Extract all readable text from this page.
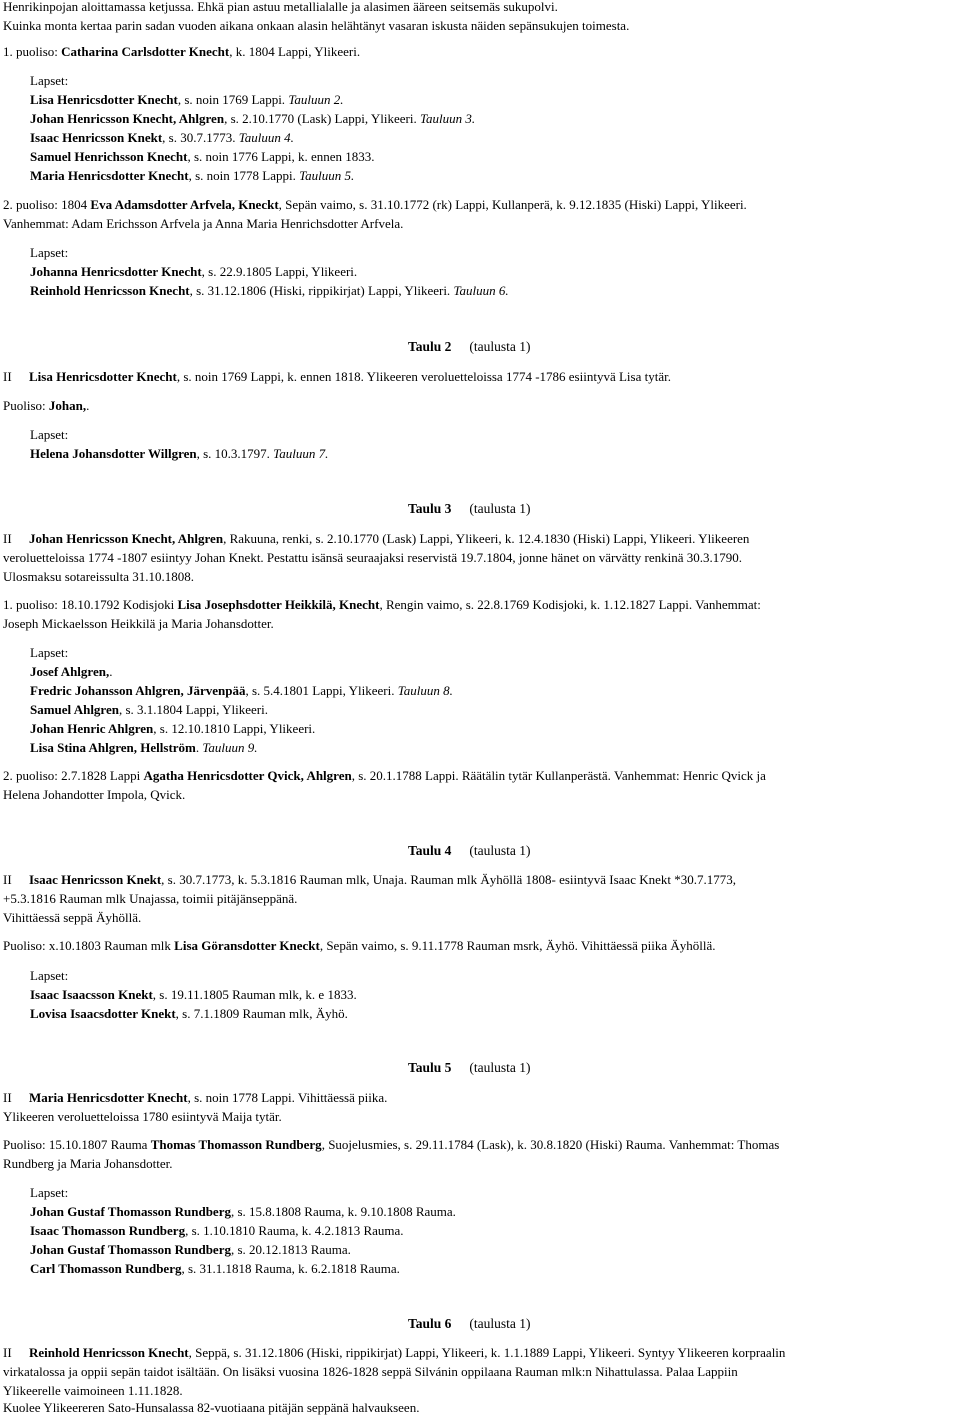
Henrikinpojan aloittamassa ketjussa. Ehkä pian astuu metallialalle ja alasimen ääreen seitsemäs sukupolvi.
Kuinka monta kertaa parin sadan vuoden aikana onkaan alasin helähtänyt vasaran iskusta näiden sepänsukujen toimesta.
1. puoliso: Catharina Carlsdotter Knecht, k. 1804 Lappi, Ylikeeri.
Lapset:
Lisa Henricsdotter Knecht, s. noin 1769 Lappi. Tauluun 2.
Johan Henricsson Knecht, Ahlgren, s. 2.10.1770 (Lask) Lappi, Ylikeeri. Tauluun 3.
Isaac Henricsson Knekt, s. 30.7.1773. Tauluun 4.
Samuel Henrichsson Knecht, s. noin 1776 Lappi, k. ennen 1833.
Maria Henricsdotter Knecht, s. noin 1778 Lappi. Tauluun 5.
2. puoliso: 1804 Eva Adamsdotter Arfvela, Kneckt, Sepän vaimo, s. 31.10.1772 (rk) Lappi, Kullanperä, k. 9.12.1835 (Hiski) Lappi, Ylikeeri.
Vanhemmat: Adam Erichsson Arfvela ja Anna Maria Henrichsdotter Arfvela.
Lapset:
Johanna Henricsdotter Knecht, s. 22.9.1805 Lappi, Ylikeeri.
Reinhold Henricsson Knecht, s. 31.12.1806 (Hiski, rippikirjat) Lappi, Ylikeeri. Tauluun 6.
Taulu 2 (taulusta 1)
II Lisa Henricsdotter Knecht, s. noin 1769 Lappi, k. ennen 1818. Ylikeeren veroluetteloissa 1774 -1786 esiintyvä Lisa tytär.
Puoliso: Johan,.
Lapset:
Helena Johansdotter Willgren, s. 10.3.1797. Tauluun 7.
Taulu 3 (taulusta 1)
II Johan Henricsson Knecht, Ahlgren, Rakuuna, renki, s. 2.10.1770 (Lask) Lappi, Ylikeeri, k. 12.4.1830 (Hiski) Lappi, Ylikeeri. Ylikeeren
veroluetteloissa 1774 -1807 esiintyy Johan Knekt. Pestattu isänsä seuraajaksi reservistä 19.7.1804, jonne hänet on värvätty renkinä 30.3.1790.
Ulosmaksu sotareissulta 31.10.1808.
1. puoliso: 18.10.1792 Kodisjoki Lisa Josephsdotter Heikkilä, Knecht, Rengin vaimo, s. 22.8.1769 Kodisjoki, k. 1.12.1827 Lappi. Vanhemmat:
Joseph Mickaelsson Heikkilä ja Maria Johansdotter.
Lapset:
Josef Ahlgren,.
Fredric Johansson Ahlgren, Järvenpää, s. 5.4.1801 Lappi, Ylikeeri. Tauluun 8.
Samuel Ahlgren, s. 3.1.1804 Lappi, Ylikeeri.
Johan Henric Ahlgren, s. 12.10.1810 Lappi, Ylikeeri.
Lisa Stina Ahlgren, Hellström. Tauluun 9.
2. puoliso: 2.7.1828 Lappi Agatha Henricsdotter Qvick, Ahlgren, s. 20.1.1788 Lappi. Räätälin tytär Kullanperästä. Vanhemmat: Henric Qvick ja
Helena Johandotter Impola, Qvick.
Taulu 4 (taulusta 1)
II Isaac Henricsson Knekt, s. 30.7.1773, k. 5.3.1816 Rauman mlk, Unaja. Rauman mlk Äyhöllä 1808- esiintyvä Isaac Knekt *30.7.1773,
+5.3.1816 Rauman mlk Unajassa, toimii pitäjänseppänä.
Vihittäessä seppä Äyhöllä.
Puoliso: x.10.1803 Rauman mlk Lisa Göransdotter Kneckt, Sepän vaimo, s. 9.11.1778 Rauman msrk, Äyhö. Vihittäessä piika Äyhöllä.
Lapset:
Isaac Isaacsson Knekt, s. 19.11.1805 Rauman mlk, k. e 1833.
Lovisa Isaacsdotter Knekt, s. 7.1.1809 Rauman mlk, Äyhö.
Taulu 5 (taulusta 1)
II Maria Henricsdotter Knecht, s. noin 1778 Lappi. Vihittäessä piika.
Ylikeeren veroluetteloissa 1780 esiintyvä Maija tytär.
Puoliso: 15.10.1807 Rauma Thomas Thomasson Rundberg, Suojelusmies, s. 29.11.1784 (Lask), k. 30.8.1820 (Hiski) Rauma. Vanhemmat: Thomas
Rundberg ja Maria Johansdotter.
Lapset:
Johan Gustaf Thomasson Rundberg, s. 15.8.1808 Rauma, k. 9.10.1808 Rauma.
Isaac Thomasson Rundberg, s. 1.10.1810 Rauma, k. 4.2.1813 Rauma.
Johan Gustaf Thomasson Rundberg, s. 20.12.1813 Rauma.
Carl Thomasson Rundberg, s. 31.1.1818 Rauma, k. 6.2.1818 Rauma.
Taulu 6 (taulusta 1)
II Reinhold Henricsson Knecht, Seppä, s. 31.12.1806 (Hiski, rippikirjat) Lappi, Ylikeeri, k. 1.1.1889 Lappi, Ylikeeri. Syntyy Ylikeeren korpraalin
virkatalossa ja oppii sepän taidot isältään. On lisäksi vuosina 1826-1828 seppä Silvánin oppilaana Rauman mlk:n Nihattulassa. Palaa Lappiin
Ylikeerelle vaimoineen 1.11.1828.
Kuolee Ylikeereren Sato-Hunsalassa 82-vuotiaana pitäjän seppänä halvaukseen.
